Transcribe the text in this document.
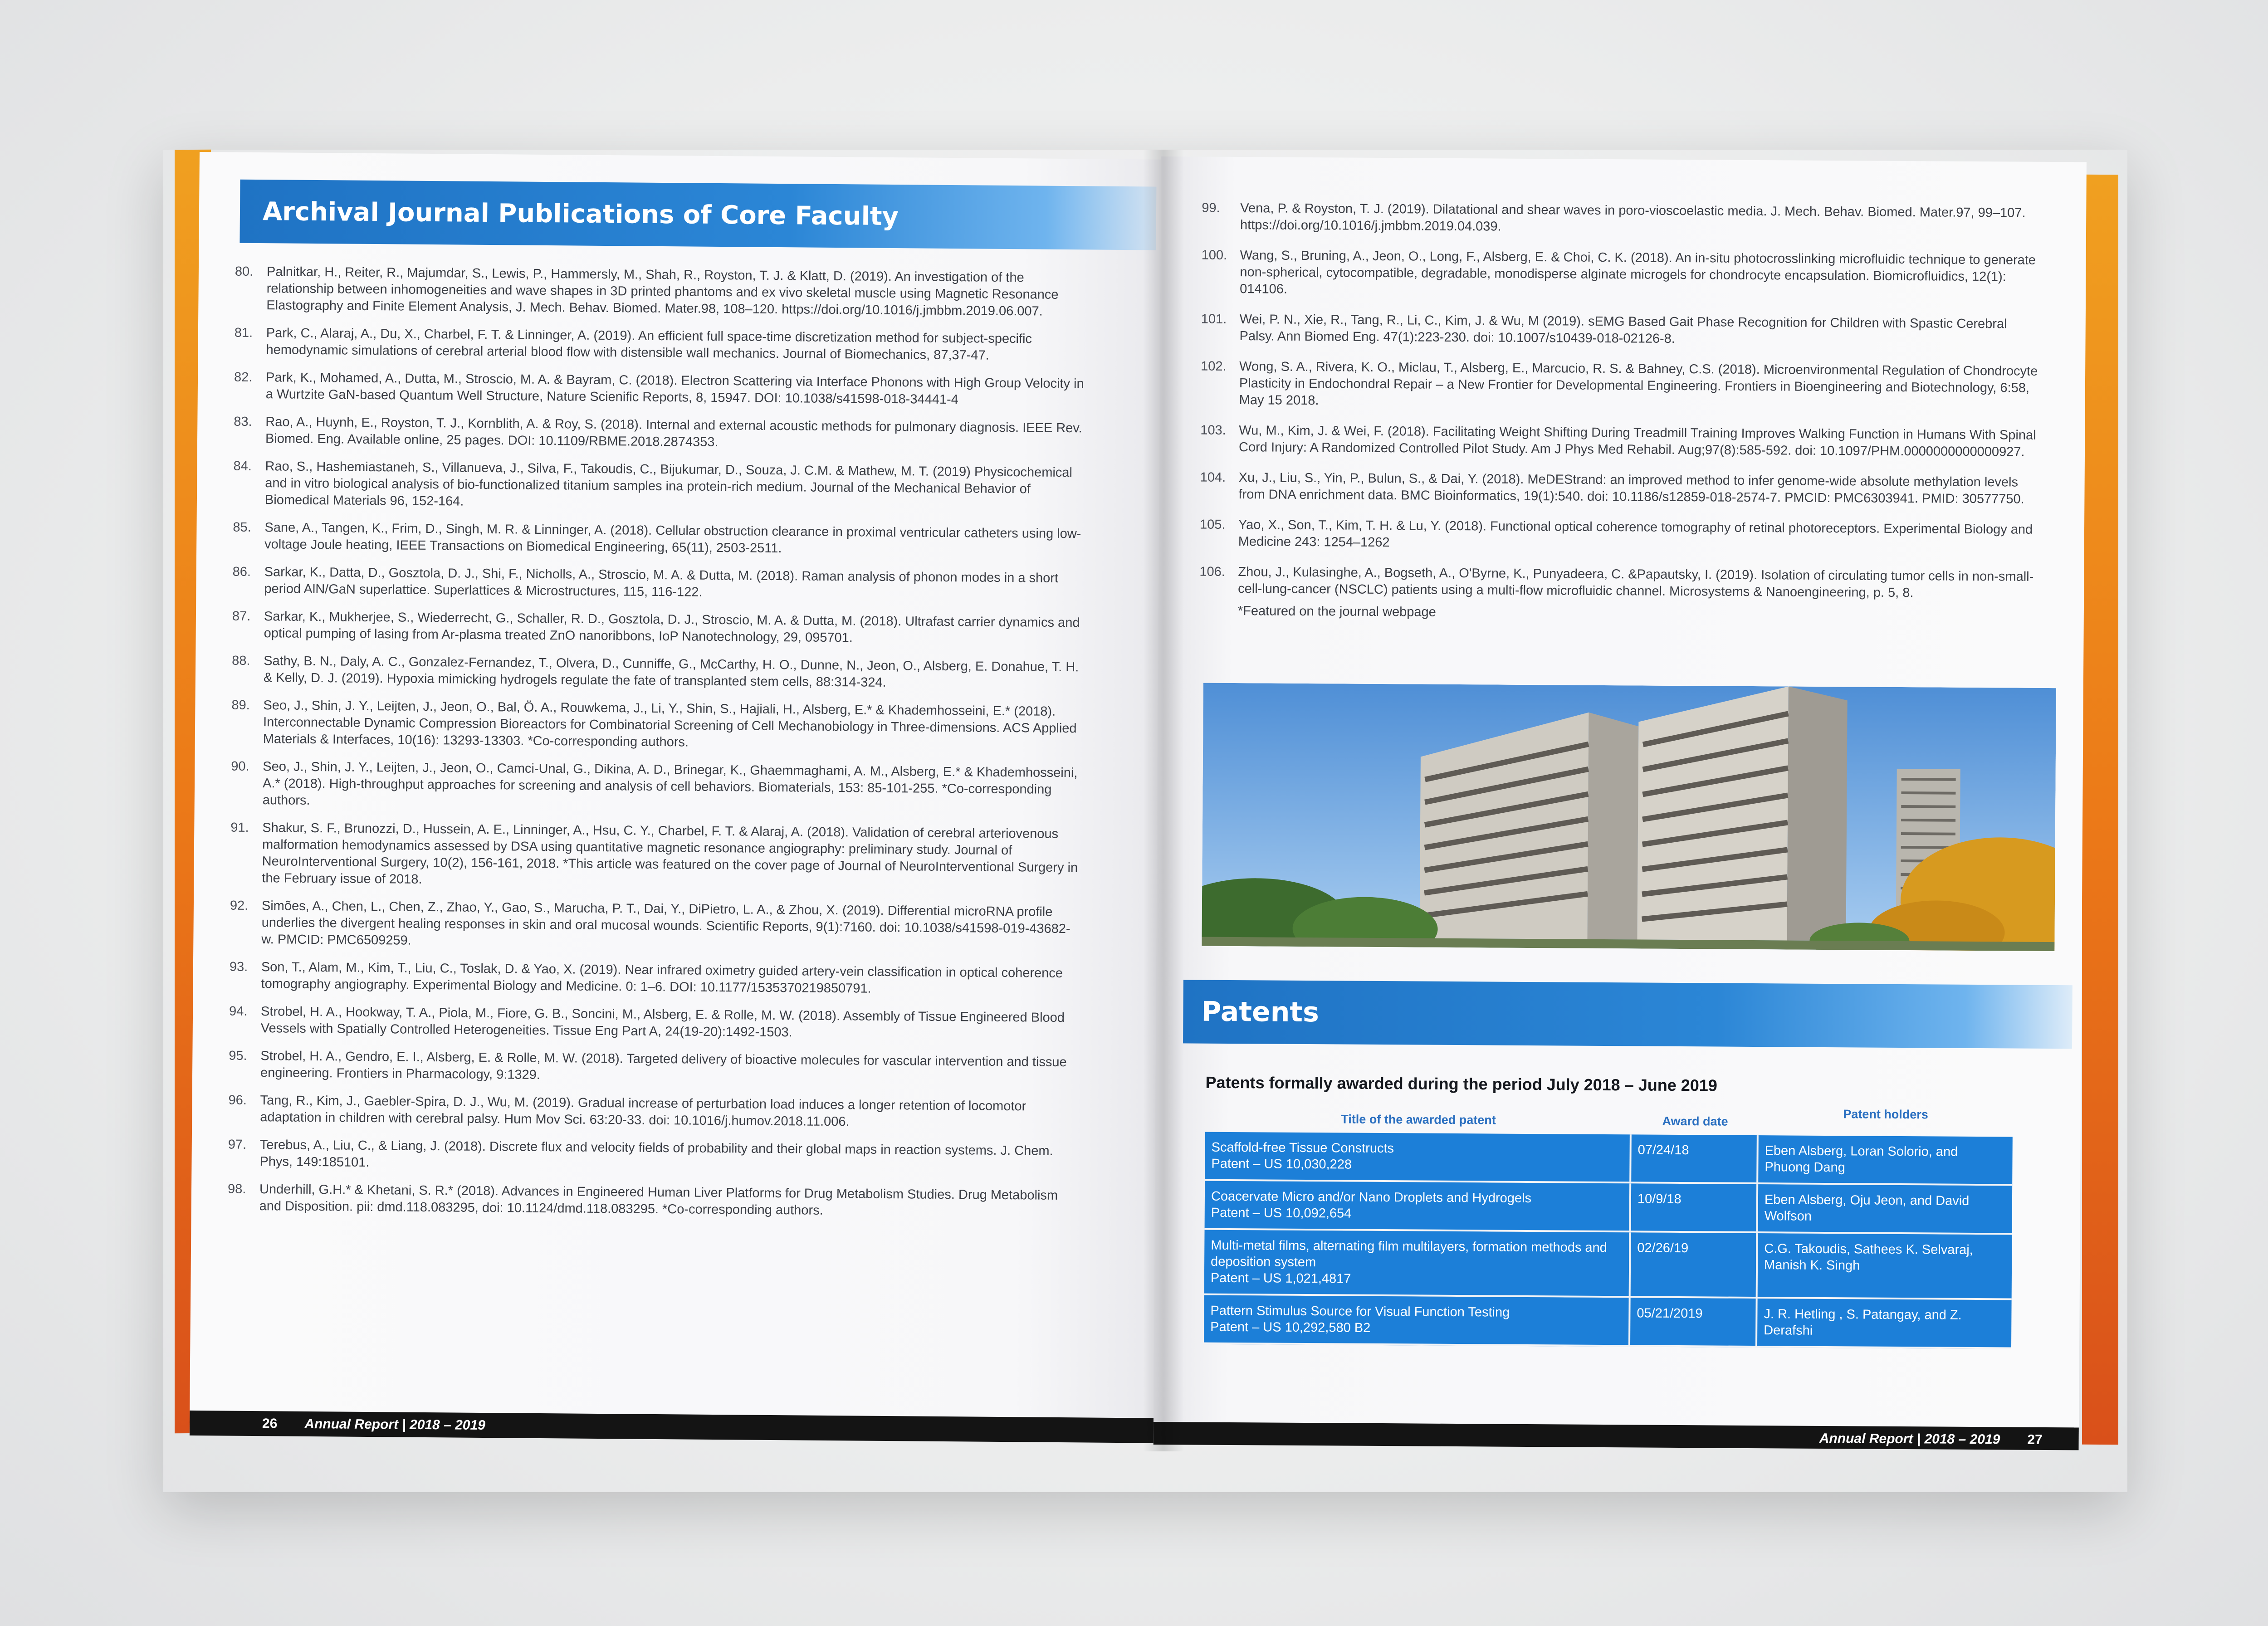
Archival Journal Publications of Core Faculty
80.	Palnitkar, H., Reiter, R., Majumdar, S., Lewis, P., Hammersly, M., Shah, R., Royston, T. J. & Klatt, D. (2019). An investigation of the relationship between inhomogeneities and wave shapes in 3D printed phantoms and ex vivo skeletal muscle using Magnetic Resonance Elastography and Finite Element Analysis, J. Mech. Behav. Biomed. Mater.98, 108–120. https://doi.org/10.1016/j.jmbbm.2019.06.007.
81.	Park, C., Alaraj, A., Du, X., Charbel, F. T. & Linninger, A. (2019). An efficient full space-time discretization method for subject-specific hemodynamic simulations of cerebral arterial blood flow with distensible wall mechanics. Journal of Biomechanics, 87,37-47.
82.	Park, K., Mohamed, A., Dutta, M., Stroscio, M. A. & Bayram, C. (2018). Electron Scattering via Interface Phonons with High Group Velocity in a Wurtzite GaN-based Quantum Well Structure, Nature Scienific Reports, 8, 15947. DOI: 10.1038/s41598-018-34441-4
83.	Rao, A., Huynh, E., Royston, T. J., Kornblith, A. & Roy, S. (2018). Internal and external acoustic methods for pulmonary diagnosis. IEEE Rev. Biomed. Eng. Available online, 25 pages. DOI: 10.1109/RBME.2018.2874353.
84.	Rao, S., Hashemiastaneh, S., Villanueva, J., Silva, F., Takoudis, C., Bijukumar, D., Souza, J. C.M. & Mathew, M. T. (2019) Physicochemical and in vitro biological analysis of bio-functionalized titanium samples ina protein-rich medium. Journal of the Mechanical Behavior of Biomedical Materials 96, 152-164.
85.	Sane, A., Tangen, K., Frim, D., Singh, M. R. & Linninger, A. (2018). Cellular obstruction clearance in proximal ventricular catheters using low-voltage Joule heating, IEEE Transactions on Biomedical Engineering, 65(11), 2503-2511.
86.	Sarkar, K., Datta, D., Gosztola, D. J., Shi, F., Nicholls, A., Stroscio, M. A. & Dutta, M. (2018). Raman analysis of phonon modes in a short period AlN/GaN superlattice. Superlattices & Microstructures, 115, 116-122.
87.	Sarkar, K., Mukherjee, S., Wiederrecht, G., Schaller, R. D., Gosztola, D. J., Stroscio, M. A. & Dutta, M. (2018). Ultrafast carrier dynamics and optical pumping of lasing from Ar-plasma treated ZnO nanoribbons, IoP Nanotechnology, 29, 095701.
88.	Sathy, B. N., Daly, A. C., Gonzalez-Fernandez, T., Olvera, D., Cunniffe, G., McCarthy, H. O., Dunne, N., Jeon, O., Alsberg, E. Donahue, T. H. & Kelly, D. J. (2019). Hypoxia mimicking hydrogels regulate the fate of transplanted stem cells, 88:314-324.
89.	Seo, J., Shin, J. Y., Leijten, J., Jeon, O., Bal, Ö. A., Rouwkema, J., Li, Y., Shin, S., Hajiali, H., Alsberg, E.* & Khademhosseini, E.* (2018). Interconnectable Dynamic Compression Bioreactors for Combinatorial Screening of Cell Mechanobiology in Three-dimensions. ACS Applied Materials & Interfaces, 10(16): 13293-13303. *Co-corresponding authors.
90.	Seo, J., Shin, J. Y., Leijten, J., Jeon, O., Camci-Unal, G., Dikina, A. D., Brinegar, K., Ghaemmaghami, A. M., Alsberg, E.* & Khademhosseini, A.* (2018). High-throughput approaches for screening and analysis of cell behaviors. Biomaterials, 153: 85-101-255. *Co-corresponding authors.
91.	Shakur, S. F., Brunozzi, D., Hussein, A. E., Linninger, A., Hsu, C. Y., Charbel, F. T. & Alaraj, A. (2018). Validation of cerebral arteriovenous malformation hemodynamics assessed by DSA using quantitative magnetic resonance angiography: preliminary study. Journal of NeuroInterventional Surgery, 10(2), 156-161, 2018. *This article was featured on the cover page of Journal of NeuroInterventional Surgery in the February issue of 2018.
92.	Simões, A., Chen, L., Chen, Z., Zhao, Y., Gao, S., Marucha, P. T., Dai, Y., DiPietro, L. A., & Zhou, X. (2019). Differential microRNA profile underlies the divergent healing responses in skin and oral mucosal wounds. Scientific Reports, 9(1):7160. doi: 10.1038/s41598-019-43682-w. PMCID: PMC6509259.
93.	Son, T., Alam, M., Kim, T., Liu, C., Toslak, D. & Yao, X. (2019). Near infrared oximetry guided artery-vein classification in optical coherence tomography angiography. Experimental Biology and Medicine. 0: 1–6. DOI: 10.1177/1535370219850791.
94.	Strobel, H. A., Hookway, T. A., Piola, M., Fiore, G. B., Soncini, M., Alsberg, E. & Rolle, M. W. (2018). Assembly of Tissue Engineered Blood Vessels with Spatially Controlled Heterogeneities. Tissue Eng Part A, 24(19-20):1492-1503.
95.	Strobel, H. A., Gendro, E. I., Alsberg, E. & Rolle, M. W. (2018). Targeted delivery of bioactive molecules for vascular intervention and tissue engineering. Frontiers in Pharmacology, 9:1329.
96.	Tang, R., Kim, J., Gaebler-Spira, D. J., Wu, M. (2019). Gradual increase of perturbation load induces a longer retention of locomotor adaptation in children with cerebral palsy. Hum Mov Sci. 63:20-33. doi: 10.1016/j.humov.2018.11.006.
97.	Terebus, A., Liu, C., & Liang, J. (2018). Discrete flux and velocity fields of probability and their global maps in reaction systems. J. Chem. Phys, 149:185101.
98.	Underhill, G.H.* & Khetani, S. R.* (2018). Advances in Engineered Human Liver Platforms for Drug Metabolism Studies. Drug Metabolism and Disposition. pii: dmd.118.083295, doi: 10.1124/dmd.118.083295. *Co-corresponding authors.
26 Annual Report | 2018 – 2019
99.	Vena, P. & Royston, T. J. (2019). Dilatational and shear waves in poro-vioscoelastic media. J. Mech. Behav. Biomed. Mater.97, 99–107. https://doi.org/10.1016/j.jmbbm.2019.04.039.
100. Wang, S., Bruning, A., Jeon, O., Long, F., Alsberg, E. & Choi, C. K. (2018). An in-situ photocrosslinking microfluidic technique to generate non-spherical, cytocompatible, degradable, monodisperse alginate microgels for chondrocyte encapsulation. Biomicrofluidics, 12(1): 014106.
101. Wei, P. N., Xie, R., Tang, R., Li, C., Kim, J. & Wu, M (2019). sEMG Based Gait Phase Recognition for Children with Spastic Cerebral Palsy. Ann Biomed Eng. 47(1):223-230. doi: 10.1007/s10439-018-02126-8.
102. Wong, S. A., Rivera, K. O., Miclau, T., Alsberg, E., Marcucio, R. S. & Bahney, C.S. (2018). Microenvironmental Regulation of Chondrocyte Plasticity in Endochondral Repair – a New Frontier for Developmental Engineering. Frontiers in Bioengineering and Biotechnology, 6:58, May 15 2018.
103. Wu, M., Kim, J. & Wei, F. (2018). Facilitating Weight Shifting During Treadmill Training Improves Walking Function in Humans With Spinal Cord Injury: A Randomized Controlled Pilot Study. Am J Phys Med Rehabil. Aug;97(8):585-592. doi: 10.1097/PHM.0000000000000927.
104. Xu, J., Liu, S., Yin, P., Bulun, S., & Dai, Y. (2018). MeDEStrand: an improved method to infer genome-wide absolute methylation levels from DNA enrichment data. BMC Bioinformatics, 19(1):540. doi: 10.1186/s12859-018-2574-7. PMCID: PMC6303941. PMID: 30577750.
105. Yao, X., Son, T., Kim, T. H. & Lu, Y. (2018). Functional optical coherence tomography of retinal photoreceptors. Experimental Biology and Medicine 243: 1254–1262
106. Zhou, J., Kulasinghe, A., Bogseth, A., O'Byrne, K., Punyadeera, C. &Papautsky, I. (2019). Isolation of circulating tumor cells in non-small-cell-lung-cancer (NSCLC) patients using a multi-flow microfluidic channel. Microsystems & Nanoengineering, p. 5, 8.
*Featured on the journal webpage
Patents
Patents formally awarded during the period July 2018 – June 2019
Title of the awarded patent	Award date	Patent holders
Scaffold-free Tissue Constructs
Patent – US 10,030,228
07/24/18	Eben Alsberg, Loran Solorio, and Phuong Dang
Coacervate Micro and/or Nano Droplets and Hydrogels
Patent – US 10,092,654
10/9/18	Eben Alsberg, Oju Jeon, and David Wolfson
Multi-metal films, alternating film multilayers, formation methods and deposition system
Patent – US 1,021,4817
02/26/19	C.G. Takoudis, Sathees K. Selvaraj, Manish K. Singh
Pattern Stimulus Source for Visual Function Testing
Patent – US 10,292,580 B2
05/21/2019	J. R. Hetling , S. Patangay, and Z. Derafshi
Annual Report | 2018 – 2019 27
